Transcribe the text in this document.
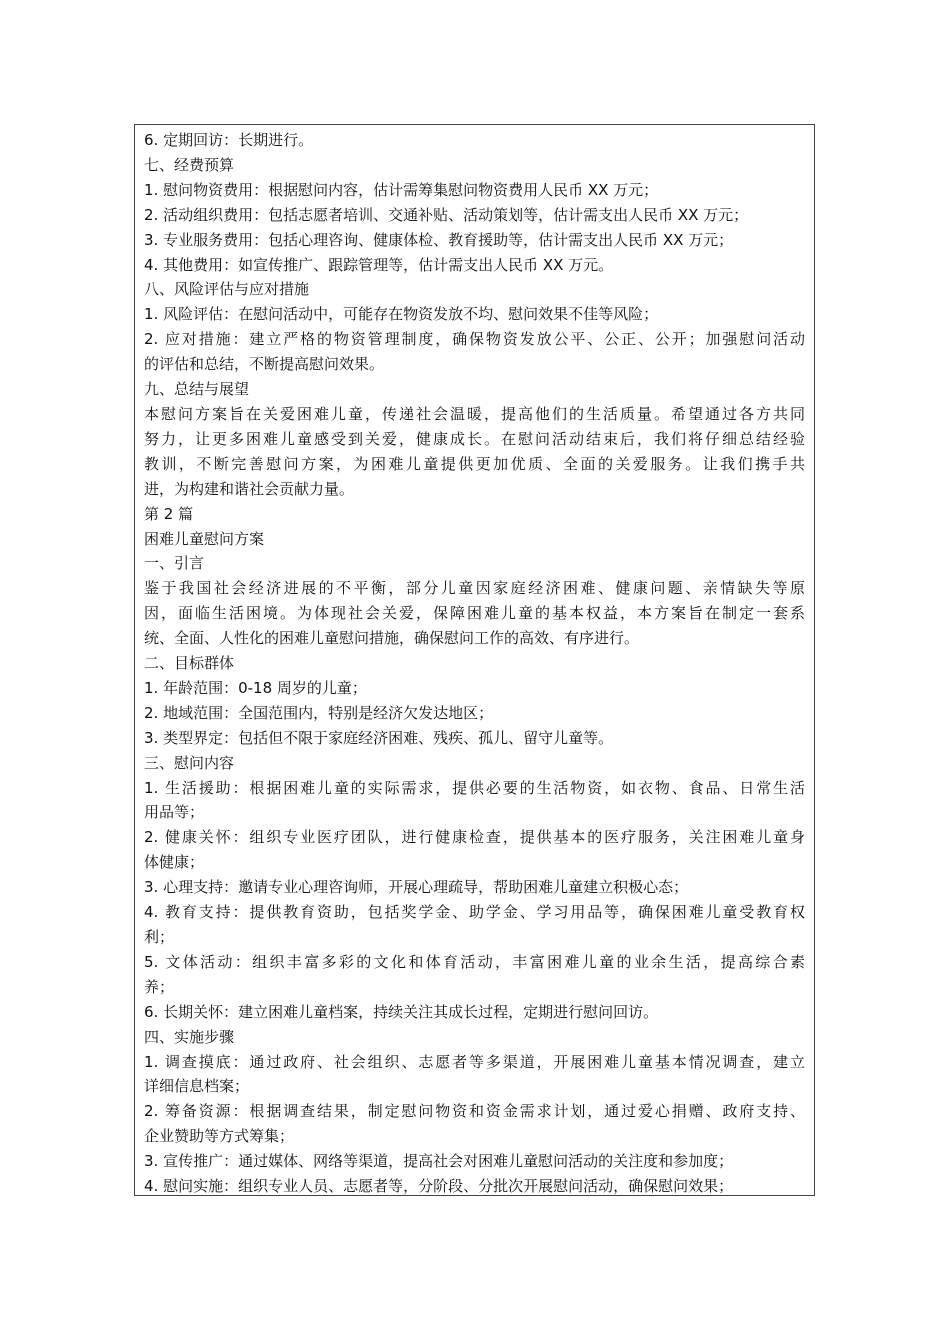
6. 定期回访：长期进行。
七、经费预算
1. 慰问物资费用：根据慰问内容，估计需筹集慰问物资费用人民币 XX 万元；
2. 活动组织费用：包括志愿者培训、交通补贴、活动策划等，估计需支出人民币 XX 万元；
3. 专业服务费用：包括心理咨询、健康体检、教育援助等，估计需支出人民币 XX 万元；
4. 其他费用：如宣传推广、跟踪管理等，估计需支出人民币 XX 万元。
八、风险评估与应对措施
1. 风险评估：在慰问活动中，可能存在物资发放不均、慰问效果不佳等风险；
2. 应对措施：建立严格的物资管理制度，确保物资发放公平、公正、公开；加强慰问活动
的评估和总结，不断提高慰问效果。
九、总结与展望
本慰问方案旨在关爱困难儿童，传递社会温暖，提高他们的生活质量。希望通过各方共同
努力，让更多困难儿童感受到关爱，健康成长。在慰问活动结束后，我们将仔细总结经验
教训，不断完善慰问方案，为困难儿童提供更加优质、全面的关爱服务。让我们携手共
进，为构建和谐社会贡献力量。
第 2 篇
困难儿童慰问方案
一、引言
鉴于我国社会经济进展的不平衡，部分儿童因家庭经济困难、健康问题、亲情缺失等原
因，面临生活困境。为体现社会关爱，保障困难儿童的基本权益，本方案旨在制定一套系
统、全面、人性化的困难儿童慰问措施，确保慰问工作的高效、有序进行。
二、目标群体
1. 年龄范围：0-18 周岁的儿童；
2. 地域范围：全国范围内，特别是经济欠发达地区；
3. 类型界定：包括但不限于家庭经济困难、残疾、孤儿、留守儿童等。
三、慰问内容
1. 生活援助：根据困难儿童的实际需求，提供必要的生活物资，如衣物、食品、日常生活
用品等；
2. 健康关怀：组织专业医疗团队，进行健康检查，提供基本的医疗服务，关注困难儿童身
体健康；
3. 心理支持：邀请专业心理咨询师，开展心理疏导，帮助困难儿童建立积极心态；
4. 教育支持：提供教育资助，包括奖学金、助学金、学习用品等，确保困难儿童受教育权
利；
5. 文体活动：组织丰富多彩的文化和体育活动，丰富困难儿童的业余生活，提高综合素
养；
6. 长期关怀：建立困难儿童档案，持续关注其成长过程，定期进行慰问回访。
四、实施步骤
1. 调查摸底：通过政府、社会组织、志愿者等多渠道，开展困难儿童基本情况调查，建立
详细信息档案；
2. 筹备资源：根据调查结果，制定慰问物资和资金需求计划，通过爱心捐赠、政府支持、
企业赞助等方式筹集；
3. 宣传推广：通过媒体、网络等渠道，提高社会对困难儿童慰问活动的关注度和参加度；
4. 慰问实施：组织专业人员、志愿者等，分阶段、分批次开展慰问活动，确保慰问效果；
